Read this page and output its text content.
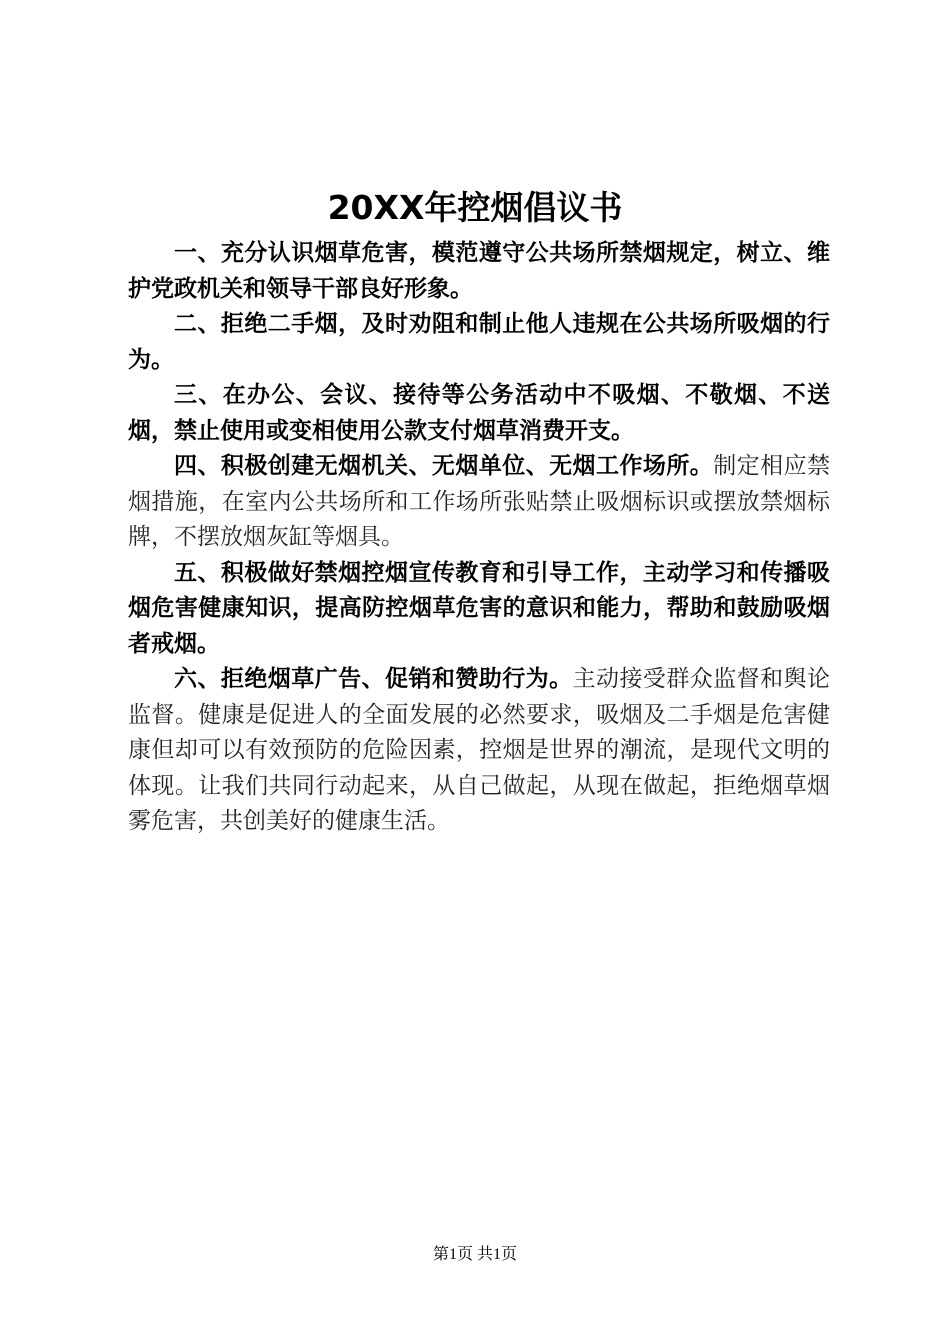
20XX年控烟倡议书

一、充分认识烟草危害，模范遵守公共场所禁烟规定，树立、维护党政机关和领导干部良好形象。

二、拒绝二手烟，及时劝阻和制止他人违规在公共场所吸烟的行为。

三、在办公、会议、接待等公务活动中不吸烟、不敬烟、不送烟，禁止使用或变相使用公款支付烟草消费开支。

四、积极创建无烟机关、无烟单位、无烟工作场所。制定相应禁烟措施，在室内公共场所和工作场所张贴禁止吸烟标识或摆放禁烟标牌，不摆放烟灰缸等烟具。

五、积极做好禁烟控烟宣传教育和引导工作，主动学习和传播吸烟危害健康知识，提高防控烟草危害的意识和能力，帮助和鼓励吸烟者戒烟。

六、拒绝烟草广告、促销和赞助行为。主动接受群众监督和舆论监督。健康是促进人的全面发展的必然要求，吸烟及二手烟是危害健康但却可以有效预防的危险因素，控烟是世界的潮流，是现代文明的体现。让我们共同行动起来，从自己做起，从现在做起，拒绝烟草烟雾危害，共创美好的健康生活。

第1页 共1页
